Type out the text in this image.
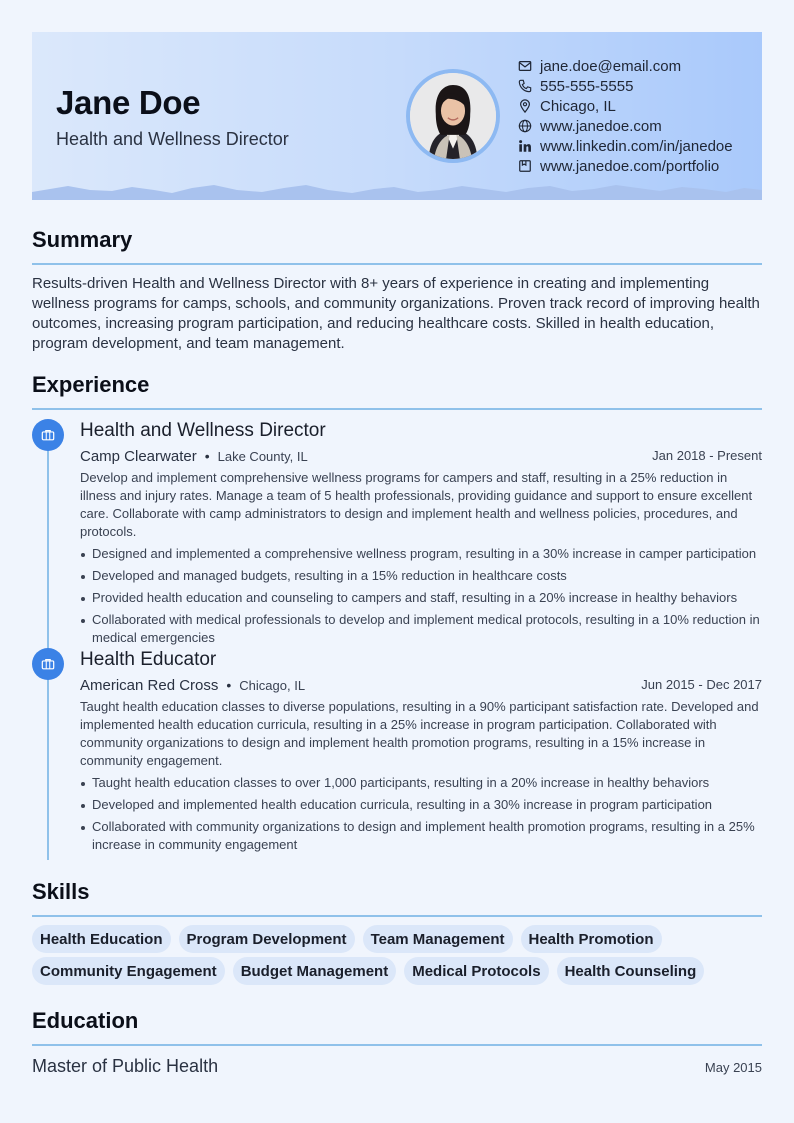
Jane Doe
Health and Wellness Director
jane.doe@email.com
555-555-5555
Chicago, IL
www.janedoe.com
www.linkedin.com/in/janedoe
www.janedoe.com/portfolio
Summary

Results-driven Health and Wellness Director with 8+ years of experience in creating and implementing wellness programs for camps, schools, and community organizations. Proven track record of improving health outcomes, increasing program participation, and reducing healthcare costs. Skilled in health education, program development, and team management.

Experience
Health and Wellness Director
Camp Clearwater • Lake County, IL	Jan 2018 - Present

Develop and implement comprehensive wellness programs for campers and staff, resulting in a 25% reduction in illness and injury rates. Manage a team of 5 health professionals, providing guidance and support to ensure excellent care. Collaborate with camp administrators to design and implement health and wellness policies, procedures, and protocols.

Designed and implemented a comprehensive wellness program, resulting in a 30% increase in camper participation
Developed and managed budgets, resulting in a 15% reduction in healthcare costs
Provided health education and counseling to campers and staff, resulting in a 20% increase in healthy behaviors
Collaborated with medical professionals to develop and implement medical protocols, resulting in a 10% reduction in medical emergencies
Health Educator
American Red Cross • Chicago, IL	Jun 2015 - Dec 2017

Taught health education classes to diverse populations, resulting in a 90% participant satisfaction rate. Developed and implemented health education curricula, resulting in a 25% increase in program participation. Collaborated with community organizations to design and implement health promotion programs, resulting in a 15% increase in community engagement.

Taught health education classes to over 1,000 participants, resulting in a 20% increase in healthy behaviors
Developed and implemented health education curricula, resulting in a 30% increase in program participation
Collaborated with community organizations to design and implement health promotion programs, resulting in a 25% increase in community engagement
Skills
Health Education	Program Development	Team Management	Health Promotion
Community Engagement	Budget Management	Medical Protocols	Health Counseling
Education
Master of Public Health	May 2015
